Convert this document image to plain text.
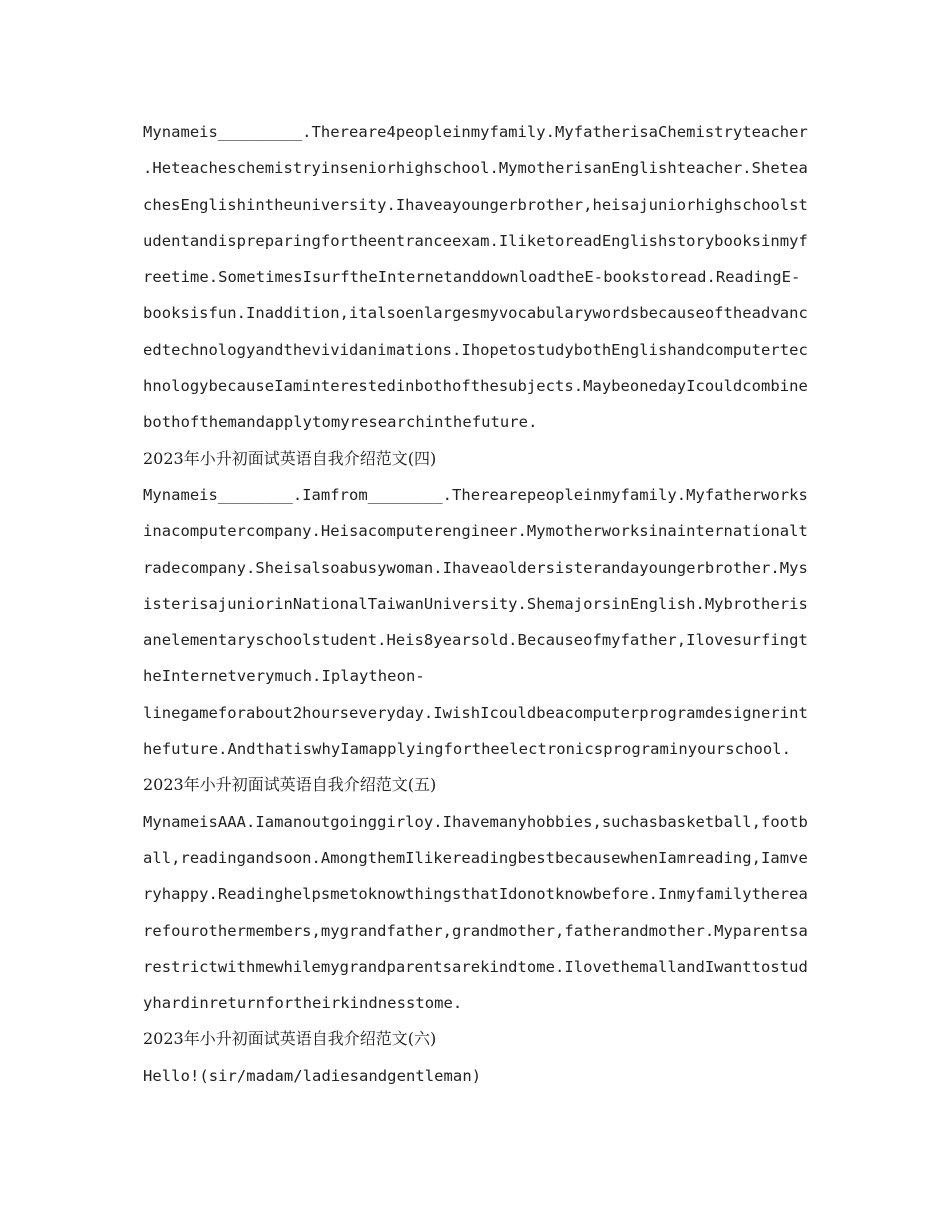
Mynameis_________.Thereare4peopleinmyfamily.MyfatherisaChemistryteacher
.Heteacheschemistryinseniorhighschool.MymotherisanEnglishteacher.Shetea
chesEnglishintheuniversity.Ihaveayoungerbrother,heisajuniorhighschoolst
udentandispreparingfortheentranceexam.IliketoreadEnglishstorybooksinmyf
reetime.SometimesIsurftheInternetanddownloadtheE-bookstoread.ReadingE-
booksisfun.Inaddition,italsoenlargesmyvocabularywordsbecauseoftheadvanc
edtechnologyandthevividanimations.IhopetostudybothEnglishandcomputertec
hnologybecauseIaminterestedinbothofthesubjects.MaybeonedayIcouldcombine
bothofthemandapplytomyresearchinthefuture.
2023年小升初面试英语自我介绍范文(四)
Mynameis________.Iamfrom________.Therearepeopleinmyfamily.Myfatherworks
inacomputercompany.Heisacomputerengineer.Mymotherworksinainternationalt
radecompany.Sheisalsoabusywoman.Ihaveaoldersisterandayoungerbrother.Mys
isterisajuniorinNationalTaiwanUniversity.ShemajorsinEnglish.Mybrotheris
anelementaryschoolstudent.Heis8yearsold.Becauseofmyfather,Ilovesurfingt
heInternetverymuch.Iplaytheon-
linegameforabout2hourseveryday.IwishIcouldbeacomputerprogramdesignerint
hefuture.AndthatiswhyIamapplyingfortheelectronicsprograminyourschool.
2023年小升初面试英语自我介绍范文(五)
MynameisAAA.Iamanoutgoinggirloy.Ihavemanyhobbies,suchasbasketball,footb
all,readingandsoon.AmongthemIlikereadingbestbecausewhenIamreading,Iamve
ryhappy.ReadinghelpsmetoknowthingsthatIdonotknowbefore.Inmyfamilytherea
refourothermembers,mygrandfather,grandmother,fatherandmother.Myparentsa
restrictwithmewhilemygrandparentsarekindtome.IlovethemallandIwanttostud
yhardinreturnfortheirkindnesstome.
2023年小升初面试英语自我介绍范文(六)
Hello!(sir/madam/ladiesandgentleman)
